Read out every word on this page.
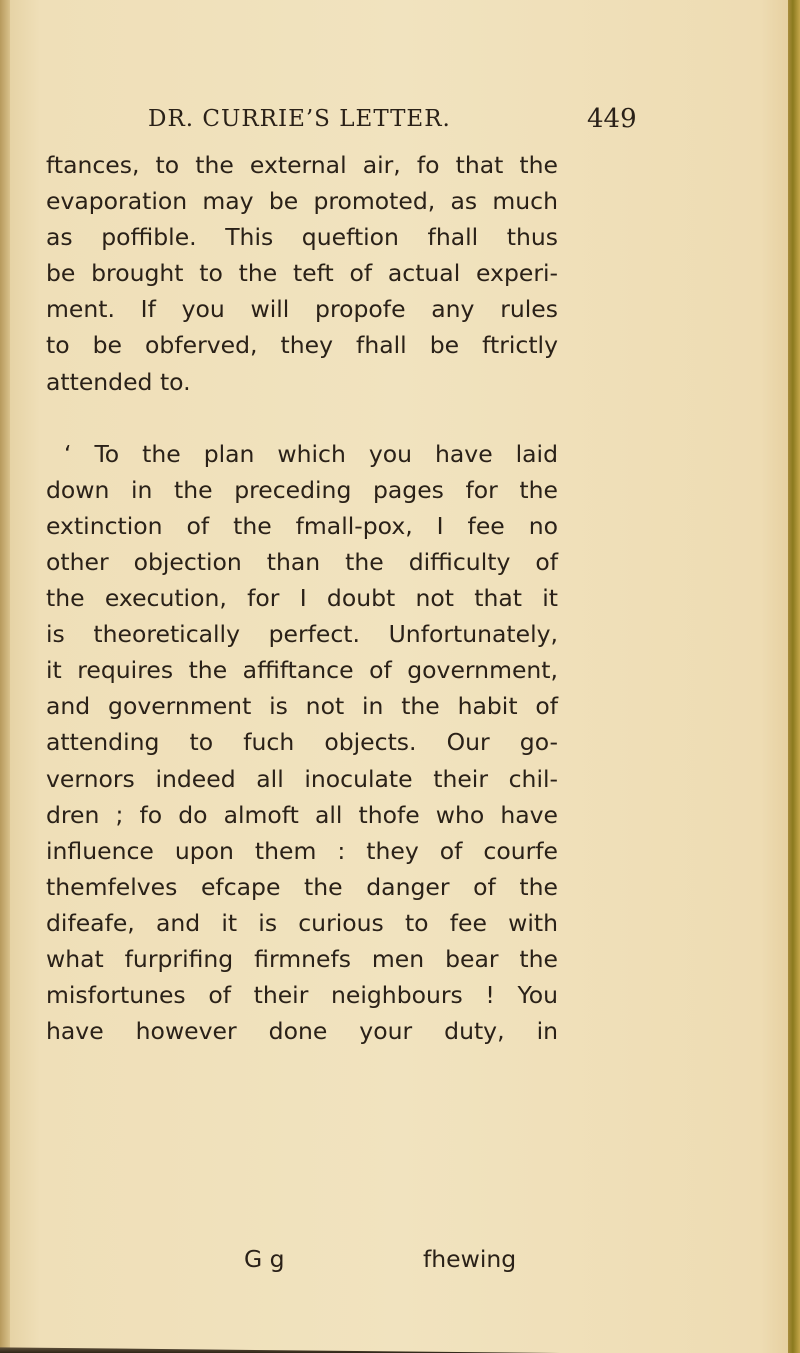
DR. CURRIE’S LETTER.	449
ftances, to the external air, fo that the
evaporation may be promoted, as much
as poffible. This queftion fhall thus
be brought to the teft of actual experi-
ment. If you will propofe any rules
to be obferved, they fhall be ftrictly
attended to.
‘ To the plan which you have laid
down in the preceding pages for the
extinction of the fmall-pox, I fee no
other objection than the difficulty of
the execution, for I doubt not that it
is theoretically perfect. Unfortunately,
it requires the affiftance of government,
and government is not in the habit of
attending to fuch objects. Our go-
vernors indeed all inoculate their chil-
dren ; fo do almoft all thofe who have
influence upon them : they of courfe
themfelves efcape the danger of the
difeafe, and it is curious to fee with
what furprifing firmnefs men bear the
misfortunes of their neighbours ! You
have however done your duty, in
G g	fhewing
